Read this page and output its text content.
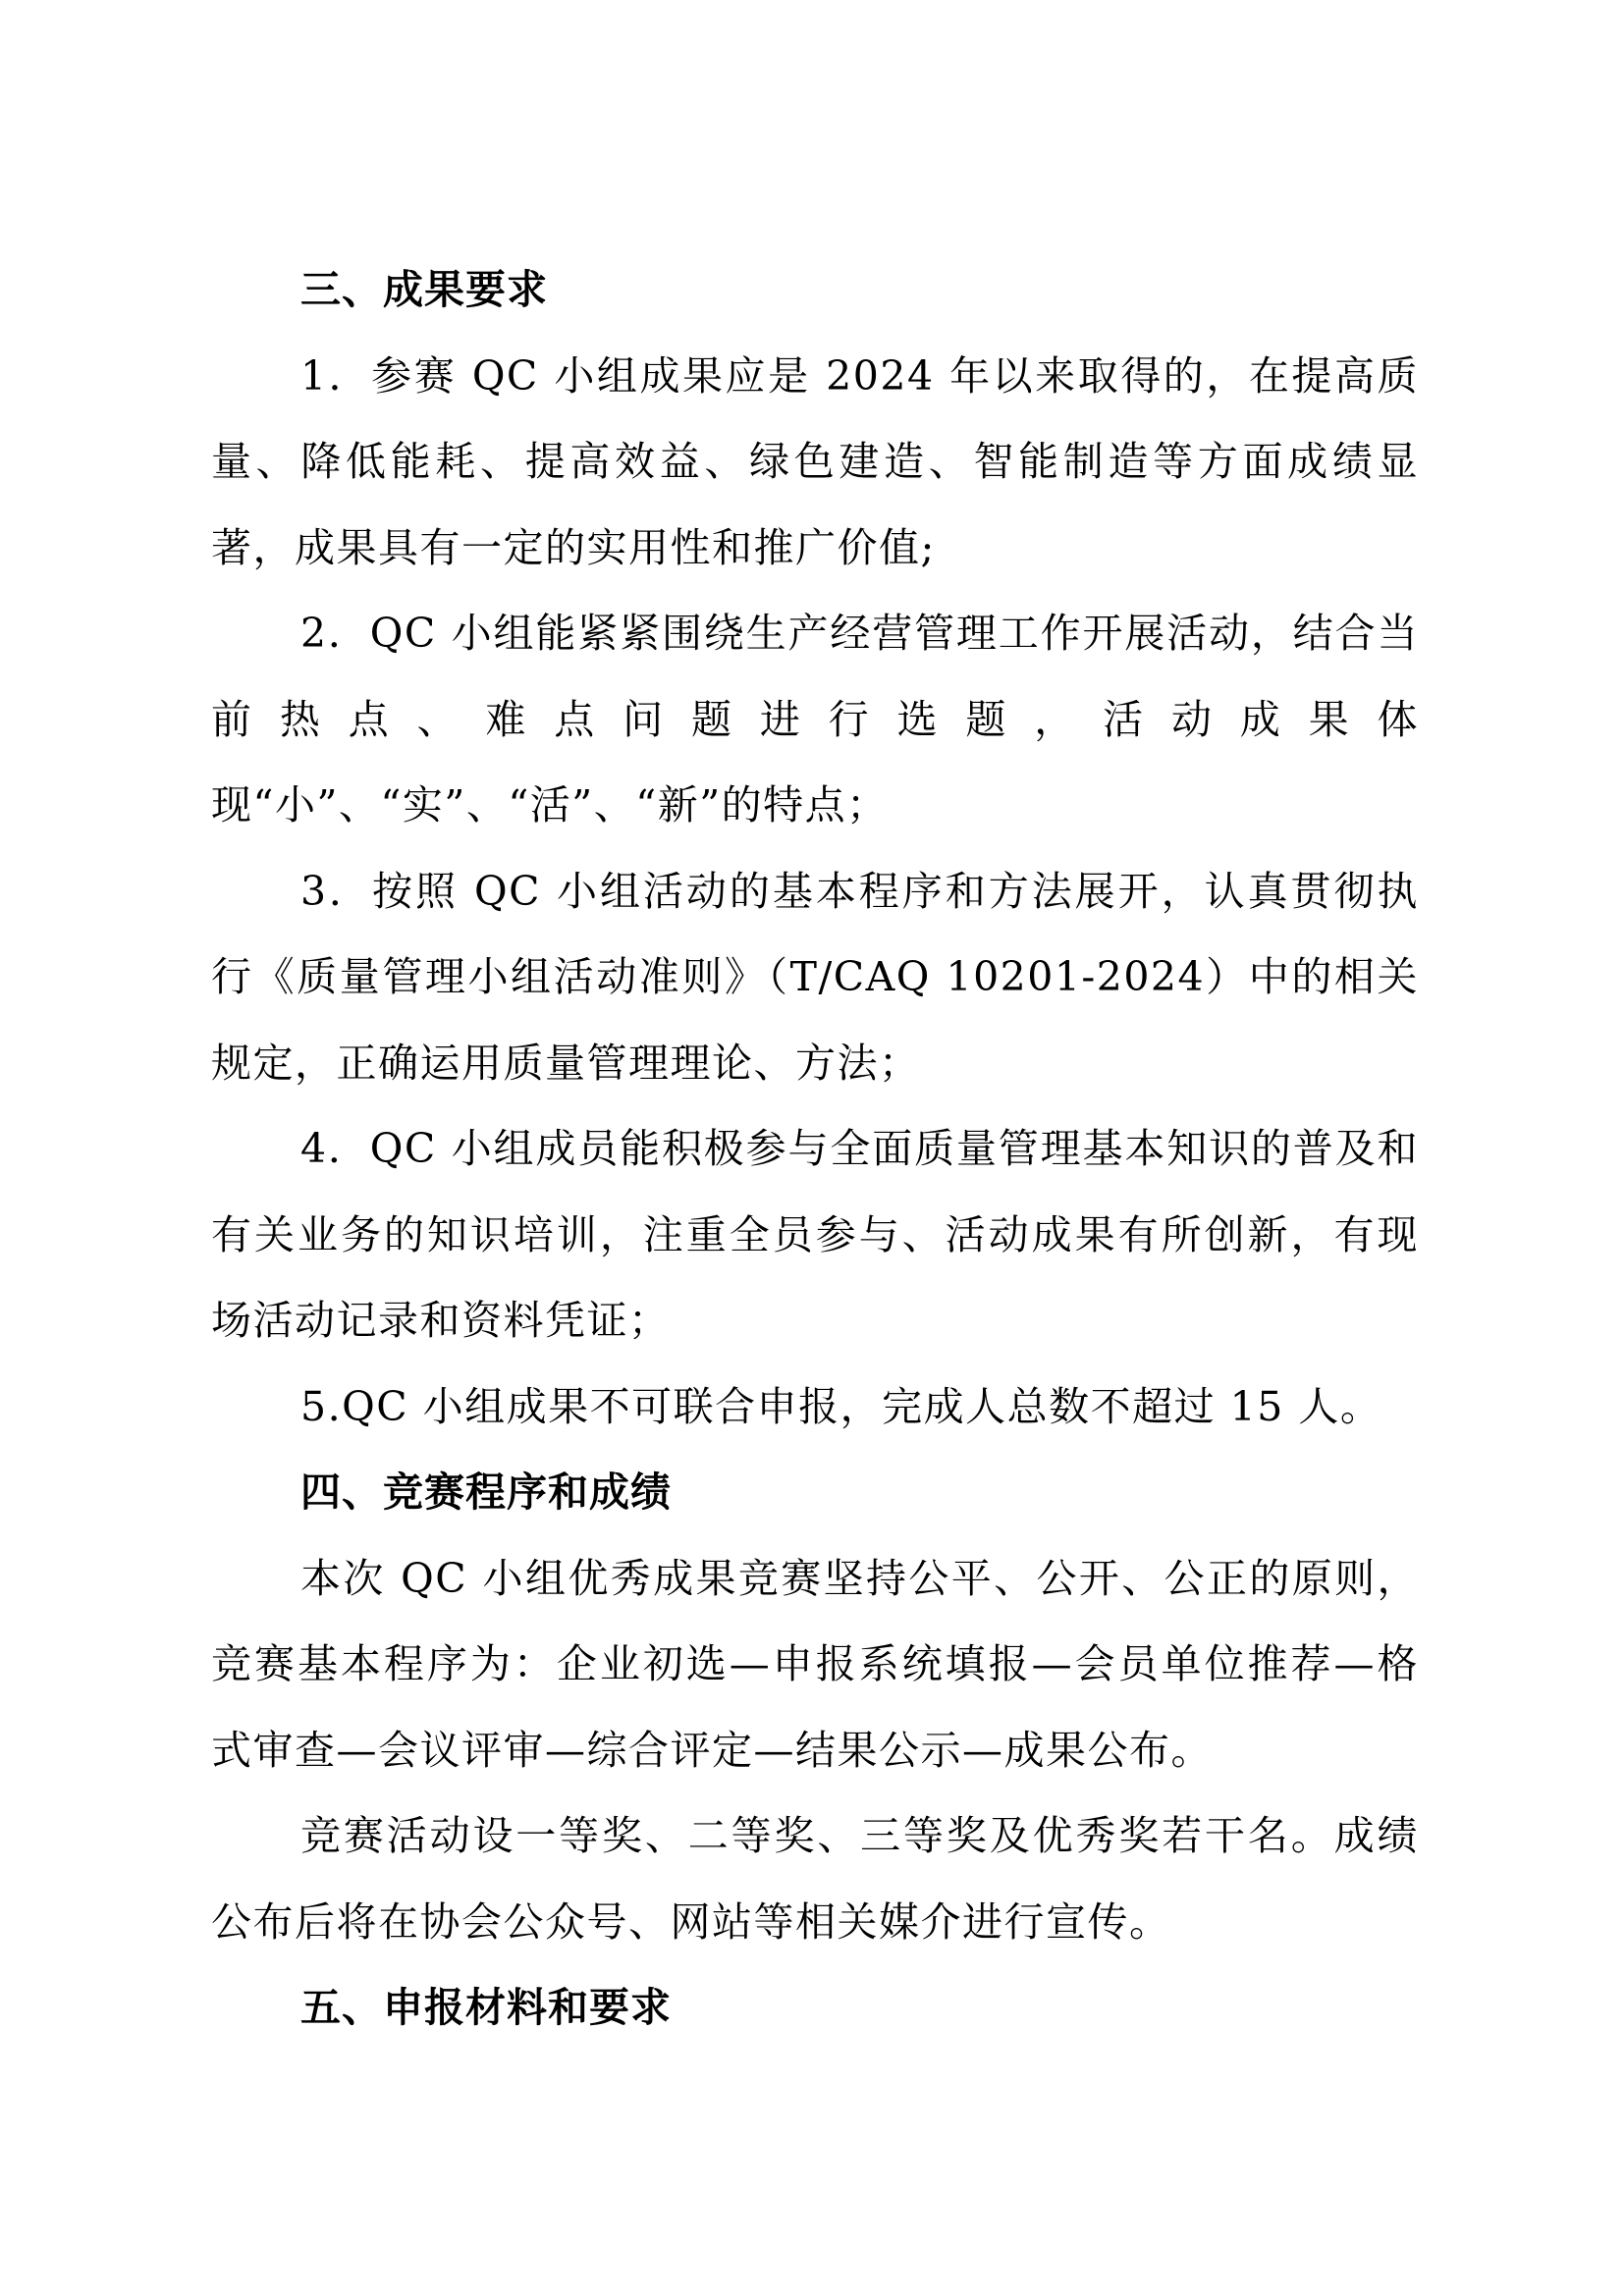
三、成果要求

1．参赛 QC 小组成果应是 2024 年以来取得的，在提高质量、降低能耗、提高效益、绿色建造、智能制造等方面成绩显著，成果具有一定的实用性和推广价值;

2．QC 小组能紧紧围绕生产经营管理工作开展活动，结合当前热点、难点问题进行选题，活动成果体现“小”、“实”、“活”、“新”的特点；

3．按照 QC 小组活动的基本程序和方法展开，认真贯彻执行《质量管理小组活动准则》（T/CAQ 10201-2024）中的相关规定，正确运用质量管理理论、方法；

4．QC 小组成员能积极参与全面质量管理基本知识的普及和有关业务的知识培训，注重全员参与、活动成果有所创新，有现场活动记录和资料凭证；

5.QC 小组成果不可联合申报，完成人总数不超过 15 人。

四、竞赛程序和成绩

本次 QC 小组优秀成果竞赛坚持公平、公开、公正的原则，竞赛基本程序为：企业初选—申报系统填报—会员单位推荐—格式审查—会议评审—综合评定—结果公示—成果公布。

竞赛活动设一等奖、二等奖、三等奖及优秀奖若干名。成绩公布后将在协会公众号、网站等相关媒介进行宣传。

五、申报材料和要求
